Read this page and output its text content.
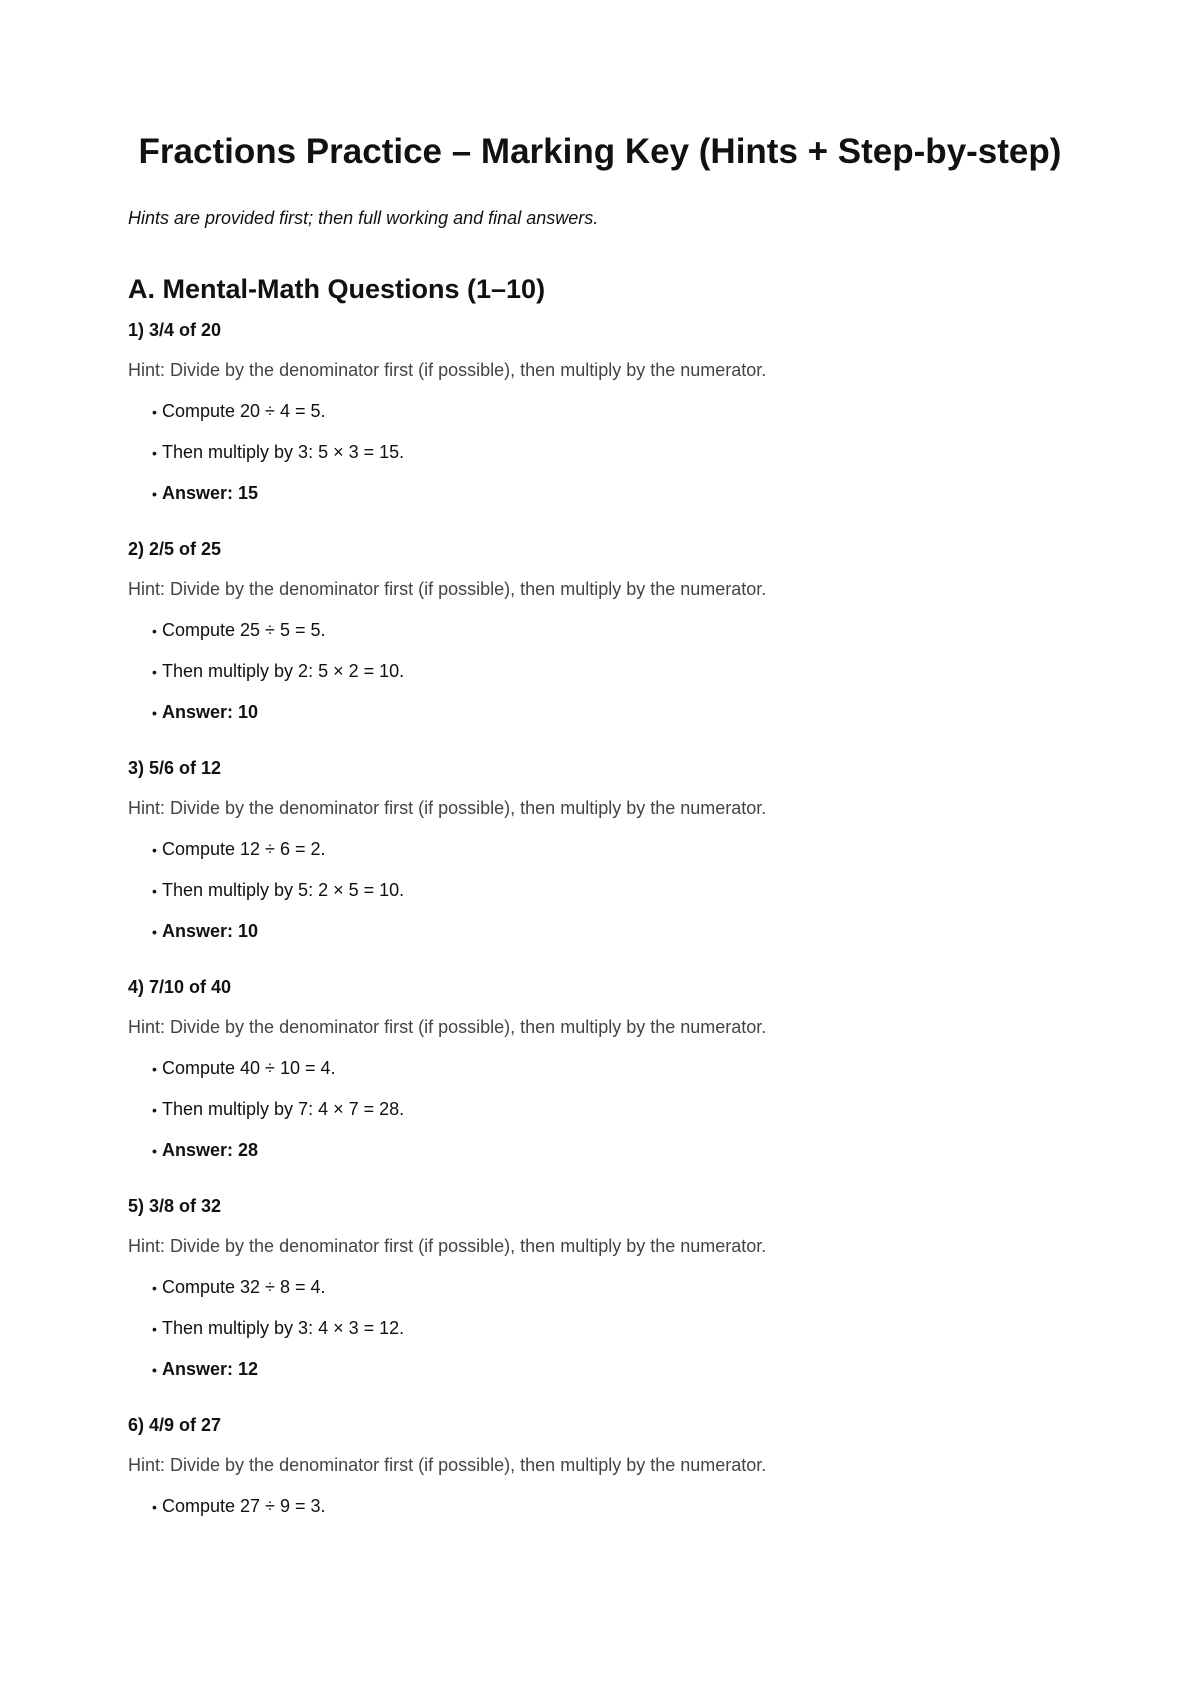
Fractions Practice – Marking Key (Hints + Step-by-step)

Hints are provided first; then full working and final answers.

A. Mental-Math Questions (1–10)

1) 3/4 of 20

Hint: Divide by the denominator first (if possible), then multiply by the numerator.

• Compute 20 ÷ 4 = 5.
• Then multiply by 3: 5 × 3 = 15.
• Answer: 15

2) 2/5 of 25

Hint: Divide by the denominator first (if possible), then multiply by the numerator.

• Compute 25 ÷ 5 = 5.
• Then multiply by 2: 5 × 2 = 10.
• Answer: 10

3) 5/6 of 12

Hint: Divide by the denominator first (if possible), then multiply by the numerator.

• Compute 12 ÷ 6 = 2.
• Then multiply by 5: 2 × 5 = 10.
• Answer: 10

4) 7/10 of 40

Hint: Divide by the denominator first (if possible), then multiply by the numerator.

• Compute 40 ÷ 10 = 4.
• Then multiply by 7: 4 × 7 = 28.
• Answer: 28

5) 3/8 of 32

Hint: Divide by the denominator first (if possible), then multiply by the numerator.

• Compute 32 ÷ 8 = 4.
• Then multiply by 3: 4 × 3 = 12.
• Answer: 12

6) 4/9 of 27

Hint: Divide by the denominator first (if possible), then multiply by the numerator.

• Compute 27 ÷ 9 = 3.
